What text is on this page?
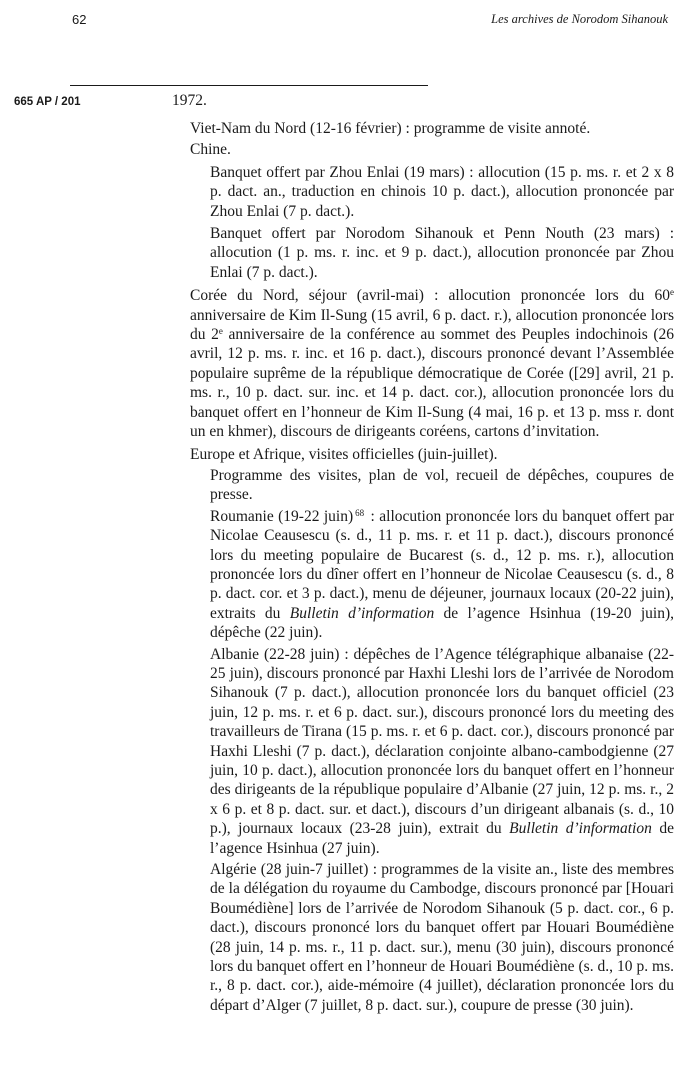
62	Les archives de Norodom Sihanouk
665 AP / 201	1972.

Viet-Nam du Nord (12-16 février) : programme de visite annoté.

Chine.

Banquet offert par Zhou Enlai (19 mars) : allocution (15 p. ms. r. et 2 x 8 p. dact. an., traduction en chinois 10 p. dact.), allocution prononcée par Zhou Enlai (7 p. dact.).

Banquet offert par Norodom Sihanouk et Penn Nouth (23 mars) : allocution (1 p. ms. r. inc. et 9 p. dact.), allocution prononcée par Zhou Enlai (7 p. dact.).

Corée du Nord, séjour (avril-mai) : allocution prononcée lors du 60e anniversaire de Kim Il-Sung (15 avril, 6 p. dact. r.), allocution prononcée lors du 2e anniversaire de la conférence au sommet des Peuples indochinois (26 avril, 12 p. ms. r. inc. et 16 p. dact.), discours prononcé devant l’Assemblée populaire suprême de la république démocratique de Corée ([29] avril, 21 p. ms. r., 10 p. dact. sur. inc. et 14 p. dact. cor.), allocution prononcée lors du banquet offert en l’honneur de Kim Il-Sung (4 mai, 16 p. et 13 p. mss r. dont un en khmer), discours de dirigeants coréens, cartons d’invitation.

Europe et Afrique, visites officielles (juin-juillet).

Programme des visites, plan de vol, recueil de dépêches, coupures de presse.

Roumanie (19-22 juin) $^{68}$ : allocution prononcée lors du banquet offert par Nicolae Ceausescu (s. d., 11 p. ms. r. et 11 p. dact.), discours prononcé lors du meeting populaire de Bucarest (s. d., 12 p. ms. r.), allocution prononcée lors du dîner offert en l’honneur de Nicolae Ceausescu (s. d., 8 p. dact. cor. et 3 p. dact.), menu de déjeuner, journaux locaux (20-22 juin), extraits du Bulletin d’information de l’agence Hsinhua (19-20 juin), dépêche (22 juin).

Albanie (22-28 juin) : dépêches de l’Agence télégraphique albanaise (22-25 juin), discours prononcé par Haxhi Lleshi lors de l’arrivée de Norodom Sihanouk (7 p. dact.), allocution prononcée lors du banquet officiel (23 juin, 12 p. ms. r. et 6 p. dact. sur.), discours prononcé lors du meeting des travailleurs de Tirana (15 p. ms. r. et 6 p. dact. cor.), discours prononcé par Haxhi Lleshi (7 p. dact.), déclaration conjointe albano-cambodgienne (27 juin, 10 p. dact.), allocution prononcée lors du banquet offert en l’honneur des dirigeants de la république populaire d’Albanie (27 juin, 12 p. ms. r., 2 x 6 p. et 8 p. dact. sur. et dact.), discours d’un dirigeant albanais (s. d., 10 p.), journaux locaux (23-28 juin), extrait du Bulletin d’information de l’agence Hsinhua (27 juin).

Algérie (28 juin-7 juillet) : programmes de la visite an., liste des membres de la délégation du royaume du Cambodge, discours prononcé par [Houari Boumédiène] lors de l’arrivée de Norodom Sihanouk (5 p. dact. cor., 6 p. dact.), discours prononcé lors du banquet offert par Houari Boumédiène (28 juin, 14 p. ms. r., 11 p. dact. sur.), menu (30 juin), discours prononcé lors du banquet offert en l’honneur de Houari Boumédiène (s. d., 10 p. ms. r., 8 p. dact. cor.), aide-mémoire (4 juillet), déclaration prononcée lors du départ d’Alger (7 juillet, 8 p. dact. sur.), coupure de presse (30 juin).
